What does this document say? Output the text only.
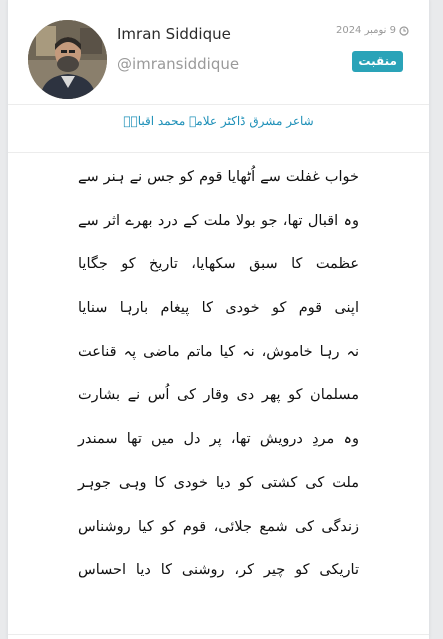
Imran Siddique
@imransiddique
9 نومبر 2024
منقبت
شاعر مشرق ڈاکٹر علامہ محمد اقبالؒ
خواب غفلت سے اُٹھایا قوم کو جس نے ہنر سے
وہ اقبال تھا، جو بولا ملت کے درد بھرے اثر سے
عظمت کا سبق سکھایا، تاریخ کو جگایا
اپنی قوم کو خودی کا پیغام بارہا سنایا
نہ رہا خاموش، نہ کیا ماتم ماضی پہ قناعت
مسلمان کو پھر دی وقار کی اُس نے بشارت
وہ مردِ درویش تھا، پر دل میں تھا سمندر
ملت کی کشتی کو دیا خودی کا وہی جوہر
زندگی کی شمع جلائی، قوم کو کیا روشناس
تاریکی کو چیر کر، روشنی کا دیا احساس
